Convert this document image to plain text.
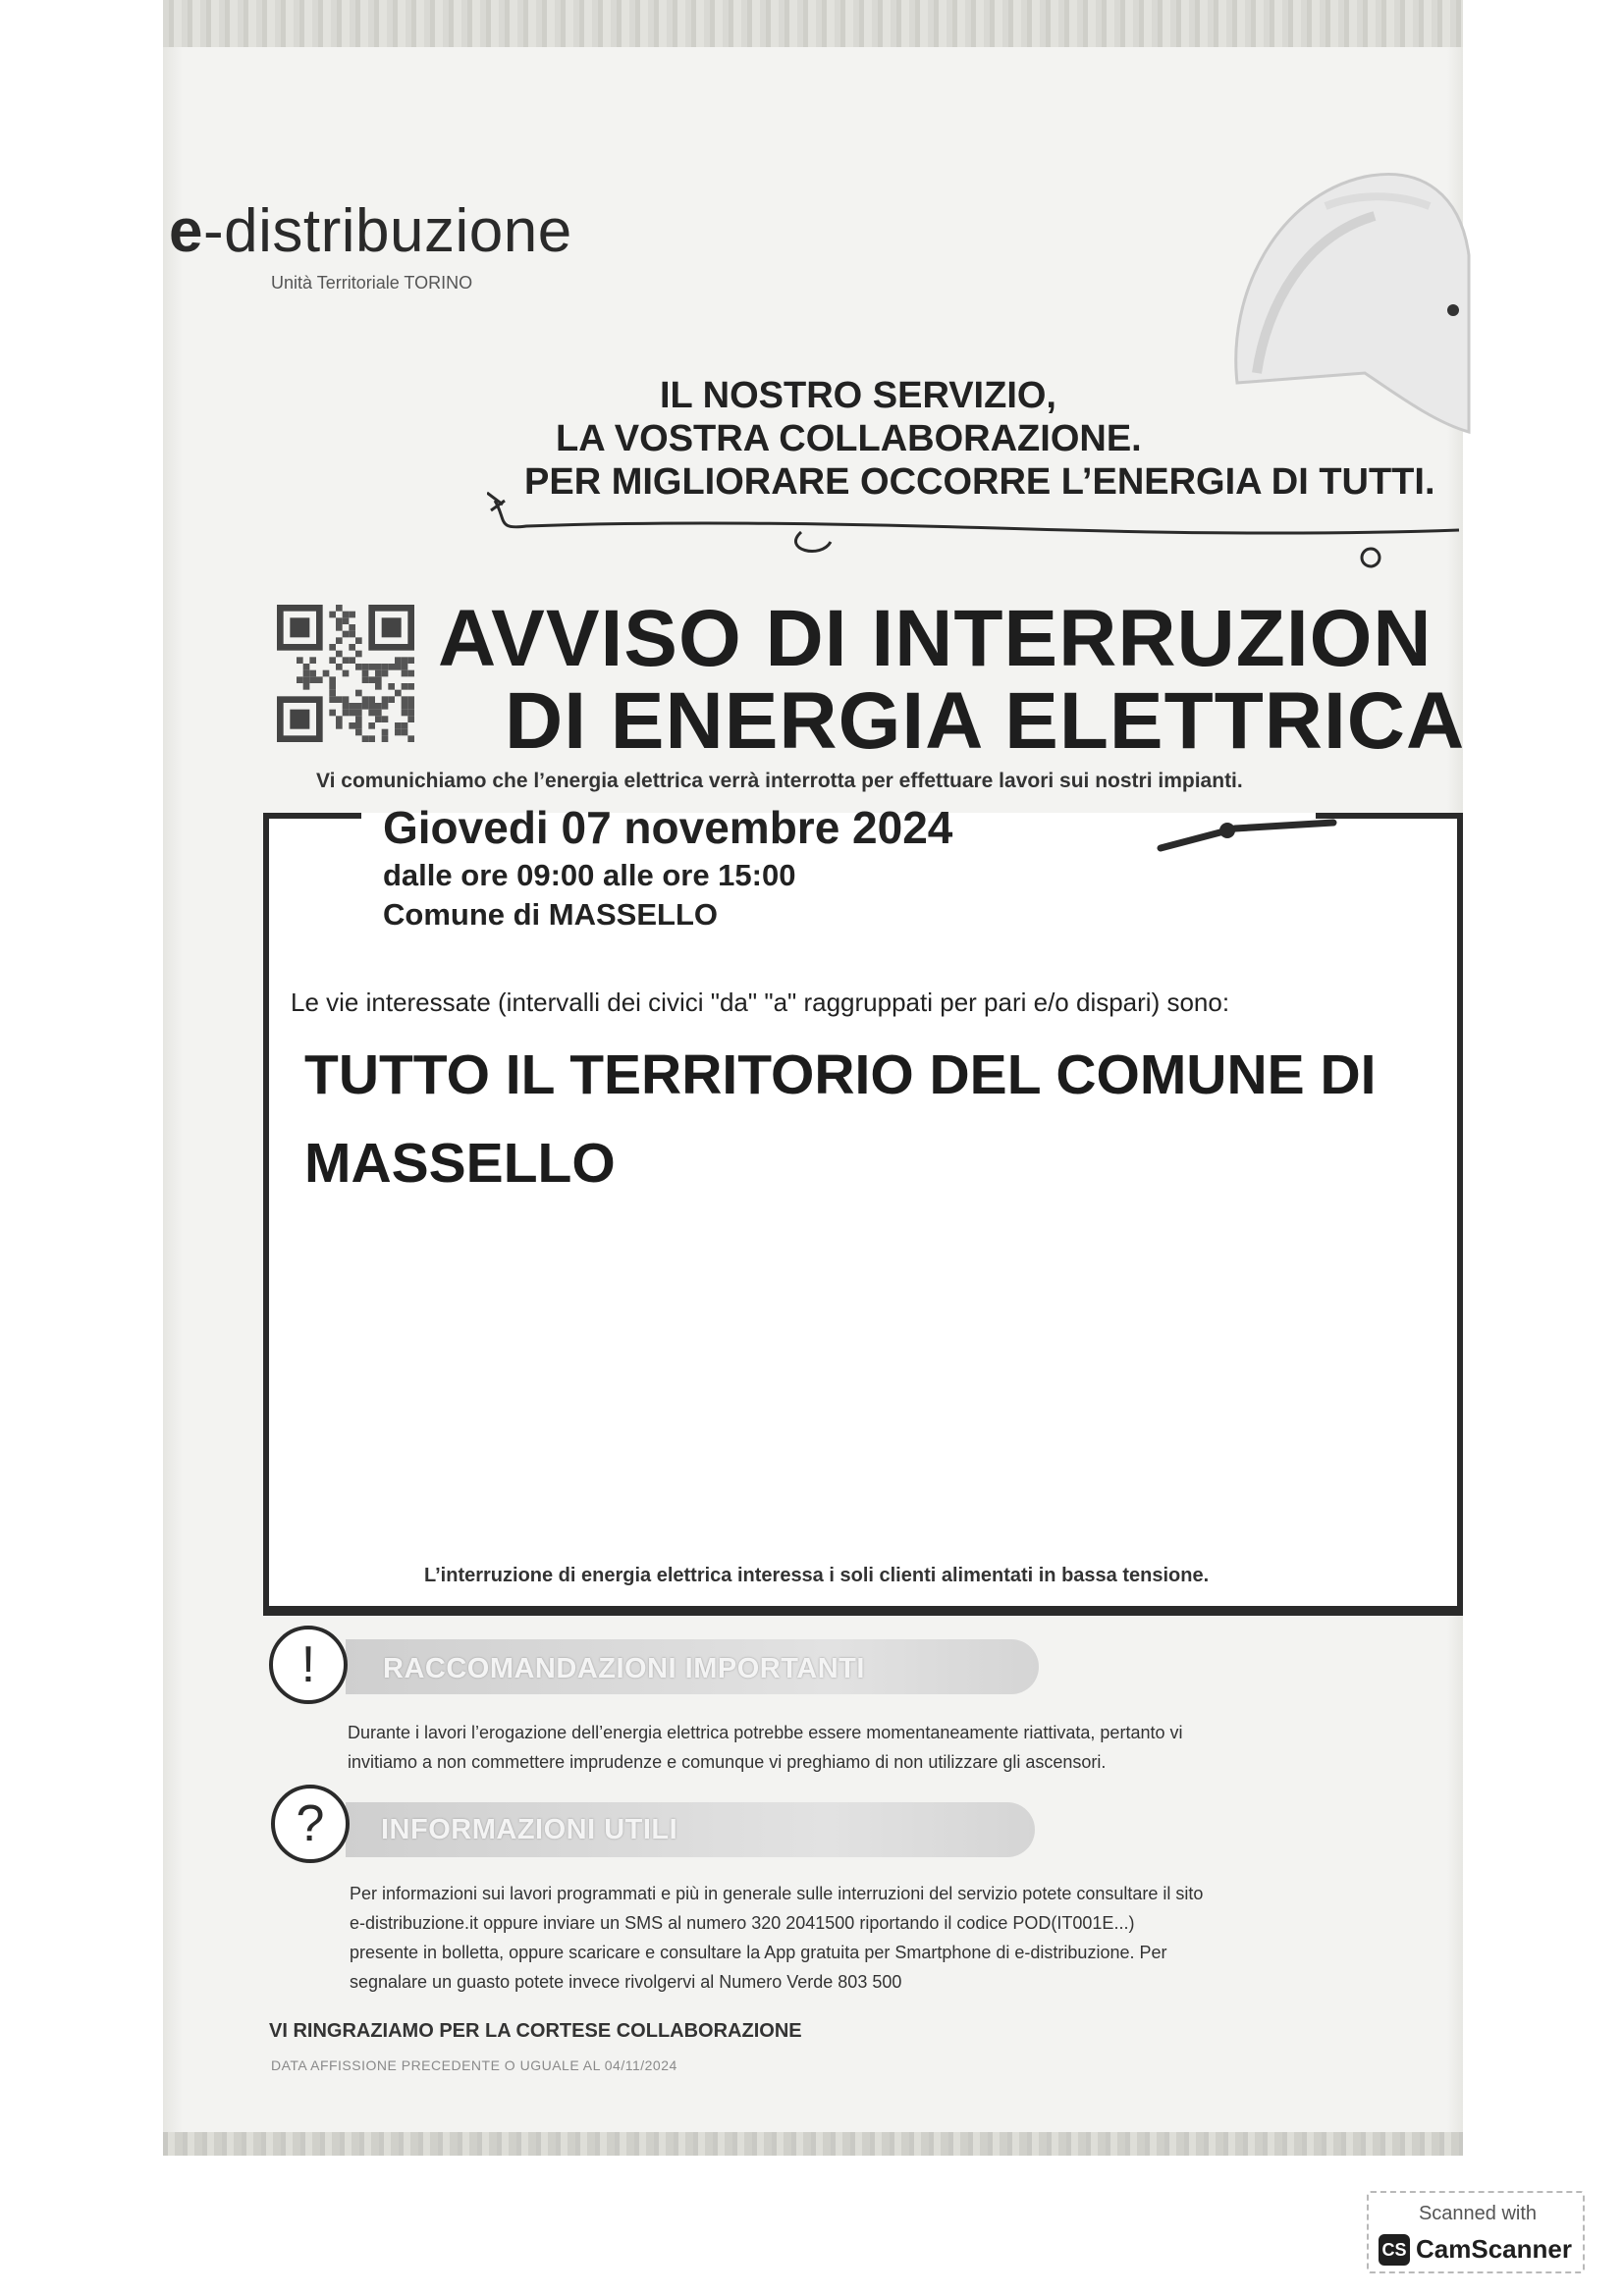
e-distribuzione
Unità Territoriale TORINO
IL NOSTRO SERVIZIO,
LA VOSTRA COLLABORAZIONE.
PER MIGLIORARE OCCORRE L’ENERGIA DI TUTTI.
AVVISO DI INTERRUZION
DI ENERGIA ELETTRICA
Vi comunichiamo che l’energia elettrica verrà interrotta per effettuare lavori sui nostri impianti.
Giovedi 07 novembre 2024
dalle ore 09:00 alle ore 15:00
Comune di MASSELLO
Le vie interessate (intervalli dei civici "da" "a" raggruppati per pari e/o dispari) sono:
TUTTO IL TERRITORIO DEL COMUNE DI
MASSELLO
L’interruzione di energia elettrica interessa i soli clienti alimentati in bassa tensione.
!	RACCOMANDAZIONI IMPORTANTI
Durante i lavori l’erogazione dell’energia elettrica potrebbe essere momentaneamente riattivata, pertanto vi
invitiamo a non commettere imprudenze e comunque vi preghiamo di non utilizzare gli ascensori.
?	INFORMAZIONI UTILI
Per informazioni sui lavori programmati e più in generale sulle interruzioni del servizio potete consultare il sito
e-distribuzione.it oppure inviare un SMS al numero 320 2041500 riportando il codice POD(IT001E...)
presente in bolletta, oppure scaricare e consultare la App gratuita per Smartphone di e-distribuzione. Per
segnalare un guasto potete invece rivolgervi al Numero Verde 803 500
VI RINGRAZIAMO PER LA CORTESE COLLABORAZIONE
DATA AFFISSIONE PRECEDENTE O UGUALE AL 04/11/2024
Scanned with
CS CamScanner
